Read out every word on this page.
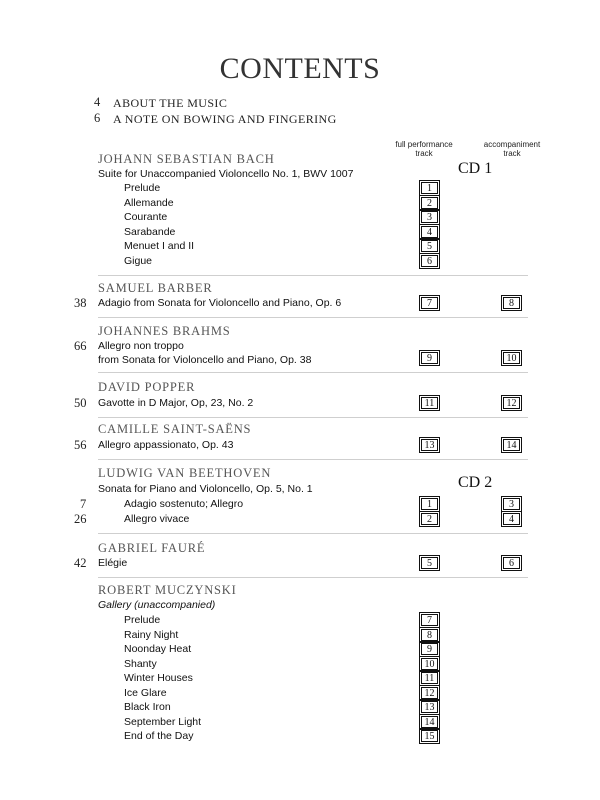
CONTENTS
4 ABOUT THE MUSIC
6 A NOTE ON BOWING AND FINGERING
full performance
track
accompaniment
track
JOHANN SEBASTIAN BACH
CD 1
Suite for Unaccompanied Violoncello No. 1, BWV 1007
Prelude	1
Allemande	2
Courante	3
Sarabande	4
Menuet I and II	5
Gigue	6
SAMUEL BARBER
38 Adagio from Sonata for Violoncello and Piano, Op. 6	7	8
JOHANNES BRAHMS
66 Allegro non troppo
from Sonata for Violoncello and Piano, Op. 38	9	10
DAVID POPPER
50 Gavotte in D Major, Op, 23, No. 2	11	12
CAMILLE SAINT-SAËNS
56 Allegro appassionato, Op. 43	13	14
LUDWIG VAN BEETHOVEN
CD 2
Sonata for Piano and Violoncello, Op. 5, No. 1
7	Adagio sostenuto; Allegro	1	3
26	Allegro vivace	2	4
GABRIEL FAURÉ
42 Elégie	5	6
ROBERT MUCZYNSKI
Gallery (unaccompanied)
Prelude	7
Rainy Night	8
Noonday Heat	9
Shanty	10
Winter Houses	11
Ice Glare	12
Black Iron	13
September Light	14
End of the Day	15
